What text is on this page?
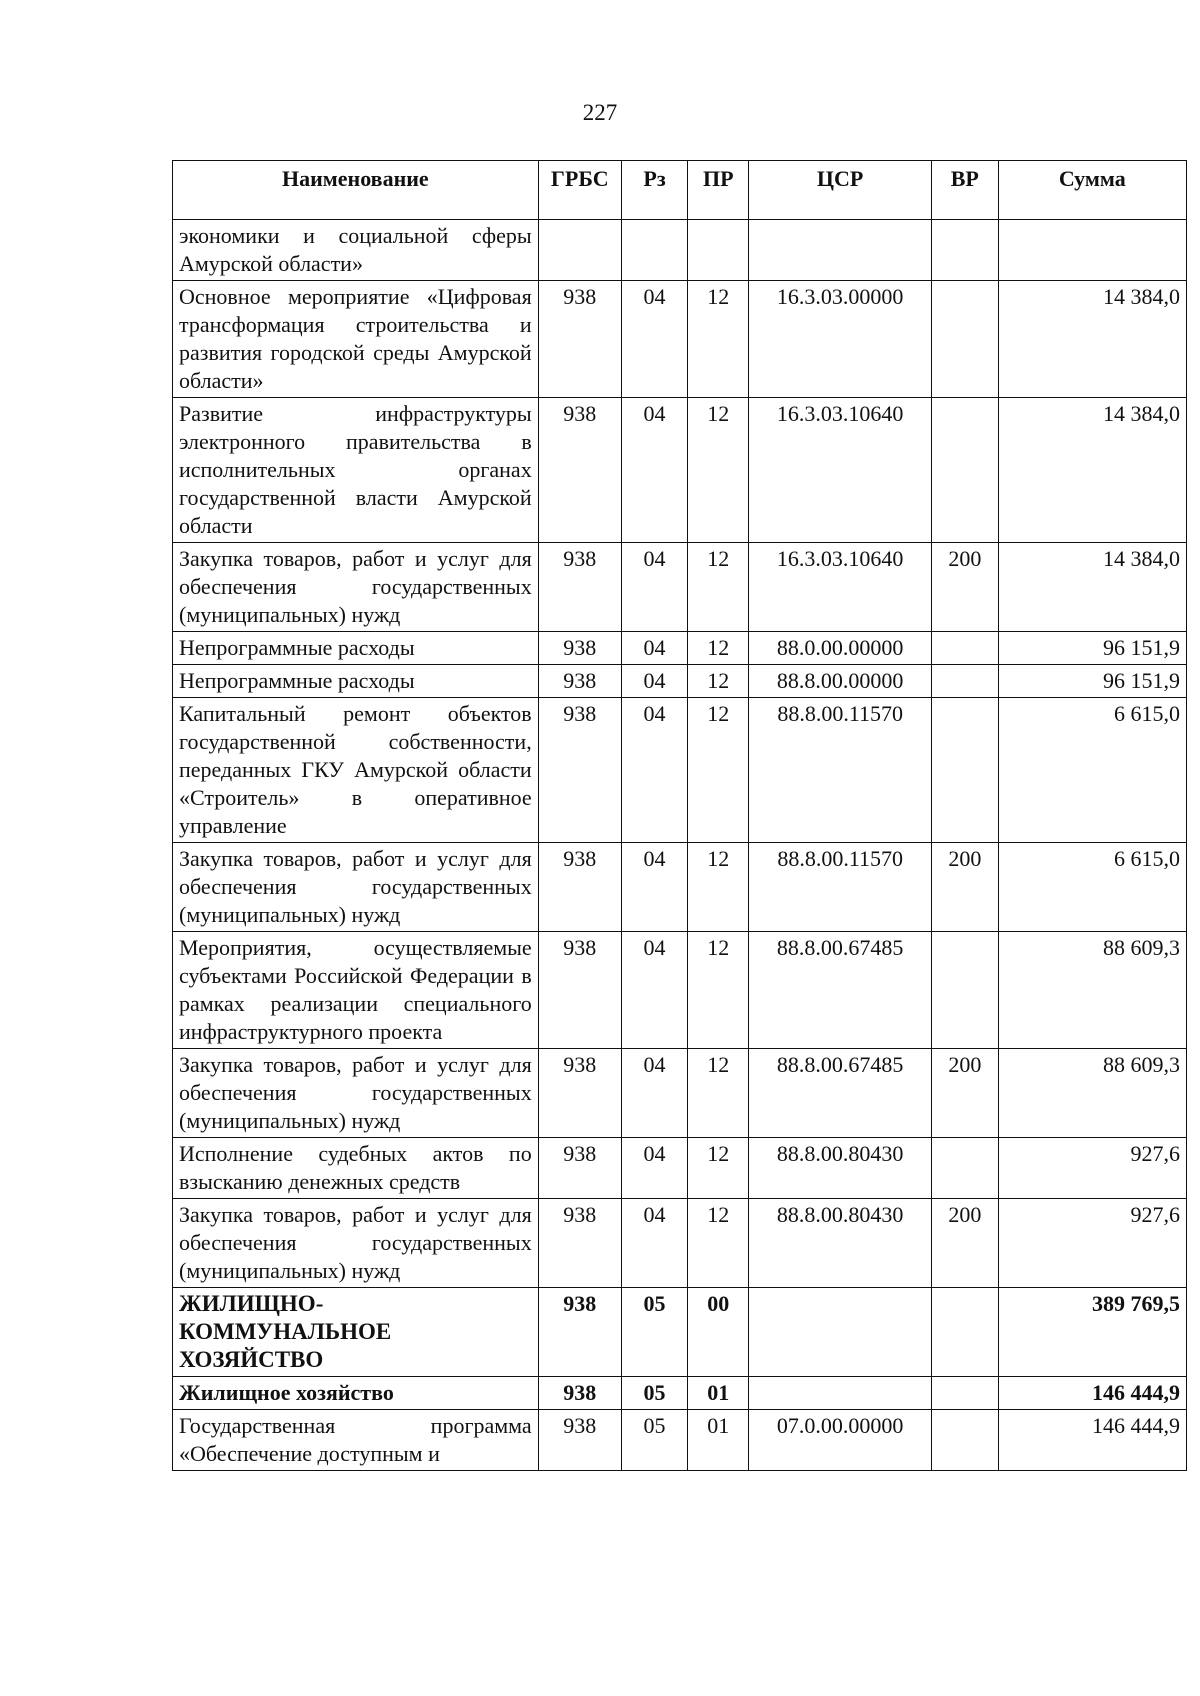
227
Наименование	ГРБС	Рз	ПР	ЦСР	ВР	Сумма
экономики и социальной сферы Амурской области»						
Основное мероприятие «Цифровая трансформация строительства и развития городской среды Амурской области»	938	04	12	16.3.03.00000		14 384,0
Развитие инфраструктуры электронного правительства в исполнительных органах государственной власти Амурской области	938	04	12	16.3.03.10640		14 384,0
Закупка товаров, работ и услуг для обеспечения государственных (муниципальных) нужд	938	04	12	16.3.03.10640	200	14 384,0
Непрограммные расходы	938	04	12	88.0.00.00000		96 151,9
Непрограммные расходы	938	04	12	88.8.00.00000		96 151,9
Капитальный ремонт объектов государственной собственности, переданных ГКУ Амурской области «Строитель» в оперативное управление	938	04	12	88.8.00.11570		6 615,0
Закупка товаров, работ и услуг для обеспечения государственных (муниципальных) нужд	938	04	12	88.8.00.11570	200	6 615,0
Мероприятия, осуществляемые субъектами Российской Федерации в рамках реализации специального инфраструктурного проекта	938	04	12	88.8.00.67485		88 609,3
Закупка товаров, работ и услуг для обеспечения государственных (муниципальных) нужд	938	04	12	88.8.00.67485	200	88 609,3
Исполнение судебных актов по взысканию денежных средств	938	04	12	88.8.00.80430		927,6
Закупка товаров, работ и услуг для обеспечения государственных (муниципальных) нужд	938	04	12	88.8.00.80430	200	927,6
ЖИЛИЩНО-КОММУНАЛЬНОЕ ХОЗЯЙСТВО	938	05	00			389 769,5
Жилищное хозяйство	938	05	01			146 444,9
Государственная программа «Обеспечение доступным и	938	05	01	07.0.00.00000		146 444,9
